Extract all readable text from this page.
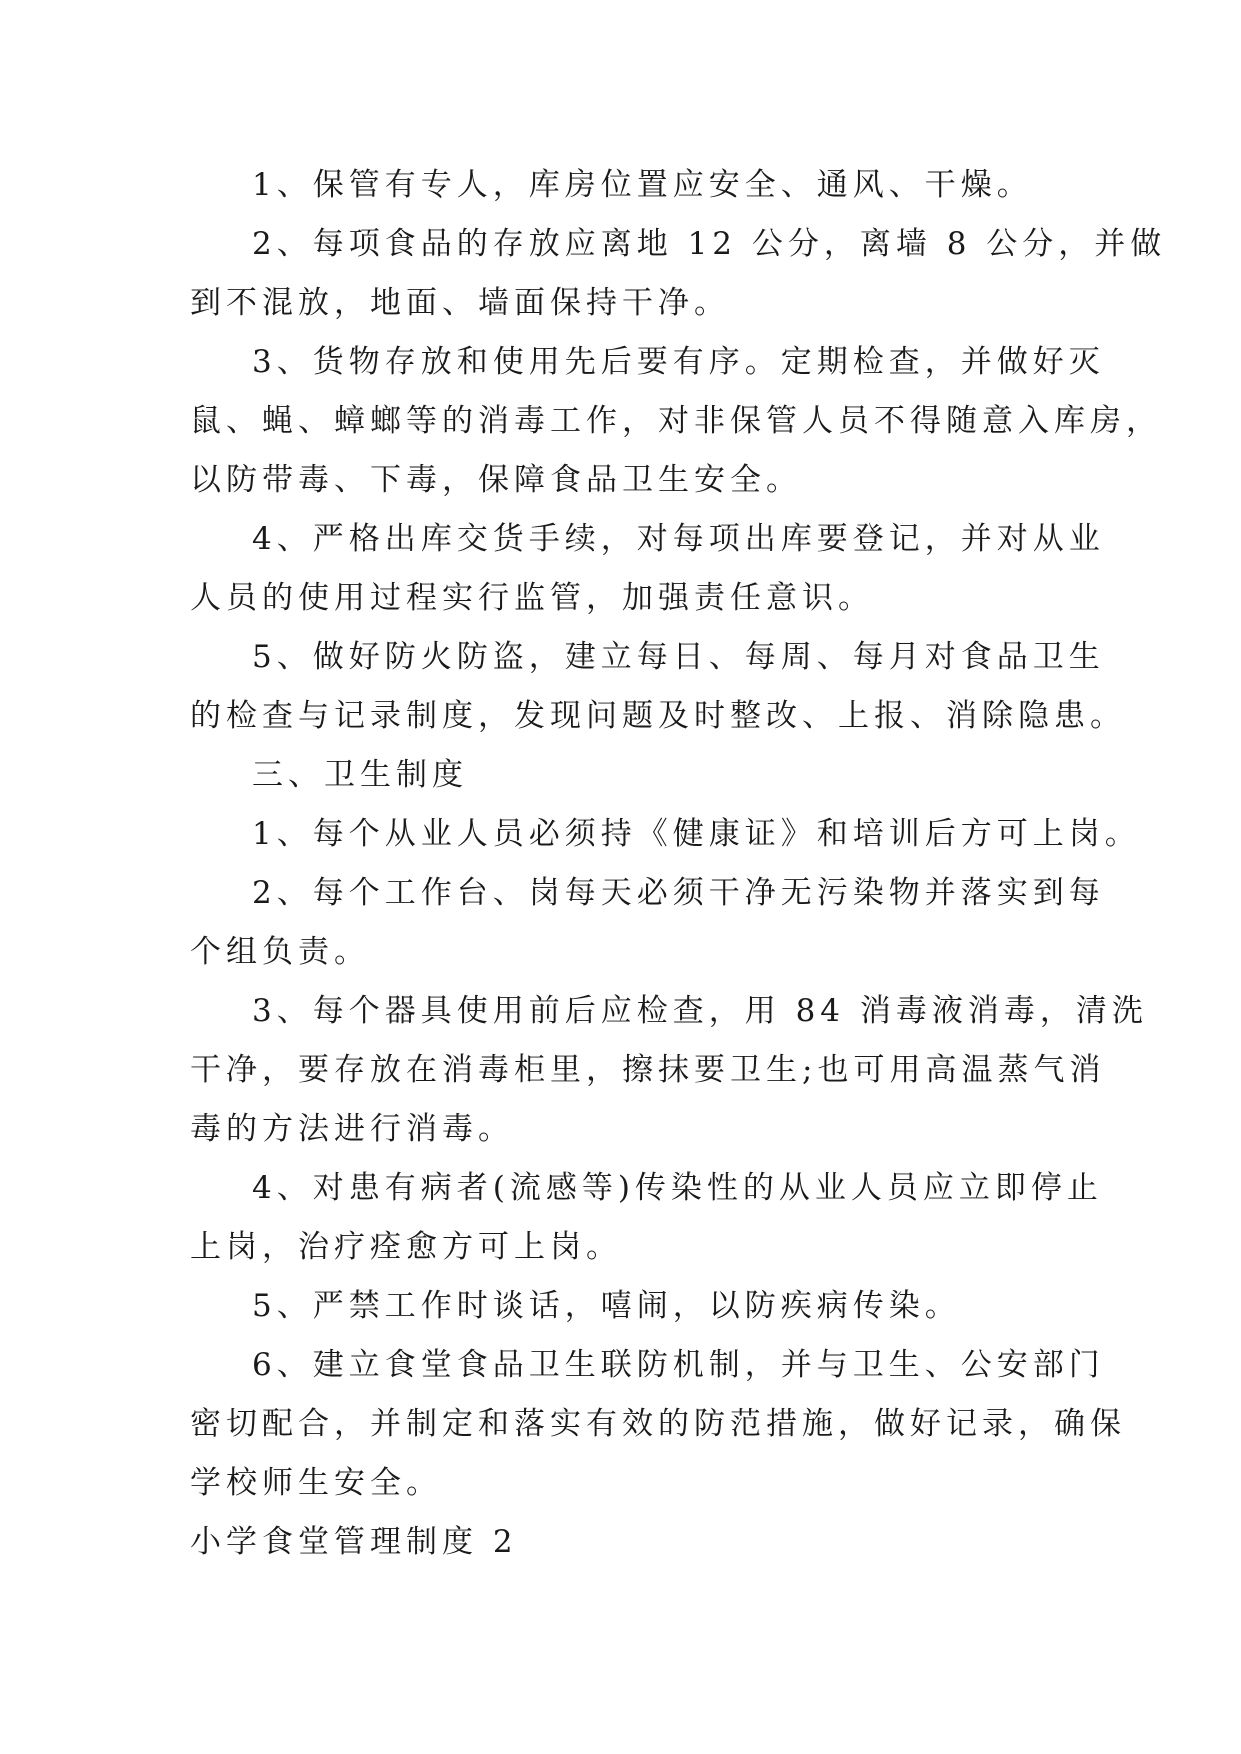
1、保管有专人，库房位置应安全、通风、干燥。
2、每项食品的存放应离地 12 公分，离墙 8 公分，并做
到不混放，地面、墙面保持干净。
3、货物存放和使用先后要有序。定期检查，并做好灭
鼠、蝇、蟑螂等的消毒工作，对非保管人员不得随意入库房，
以防带毒、下毒，保障食品卫生安全。
4、严格出库交货手续，对每项出库要登记，并对从业
人员的使用过程实行监管，加强责任意识。
5、做好防火防盗，建立每日、每周、每月对食品卫生
的检查与记录制度，发现问题及时整改、上报、消除隐患。
三、卫生制度
1、每个从业人员必须持《健康证》和培训后方可上岗。
2、每个工作台、岗每天必须干净无污染物并落实到每
个组负责。
3、每个器具使用前后应检查，用 84 消毒液消毒，清洗
干净，要存放在消毒柜里，擦抹要卫生;也可用高温蒸气消
毒的方法进行消毒。
4、对患有病者(流感等)传染性的从业人员应立即停止
上岗，治疗痊愈方可上岗。
5、严禁工作时谈话，嘻闹，以防疾病传染。
6、建立食堂食品卫生联防机制，并与卫生、公安部门
密切配合，并制定和落实有效的防范措施，做好记录，确保
学校师生安全。
小学食堂管理制度 2
